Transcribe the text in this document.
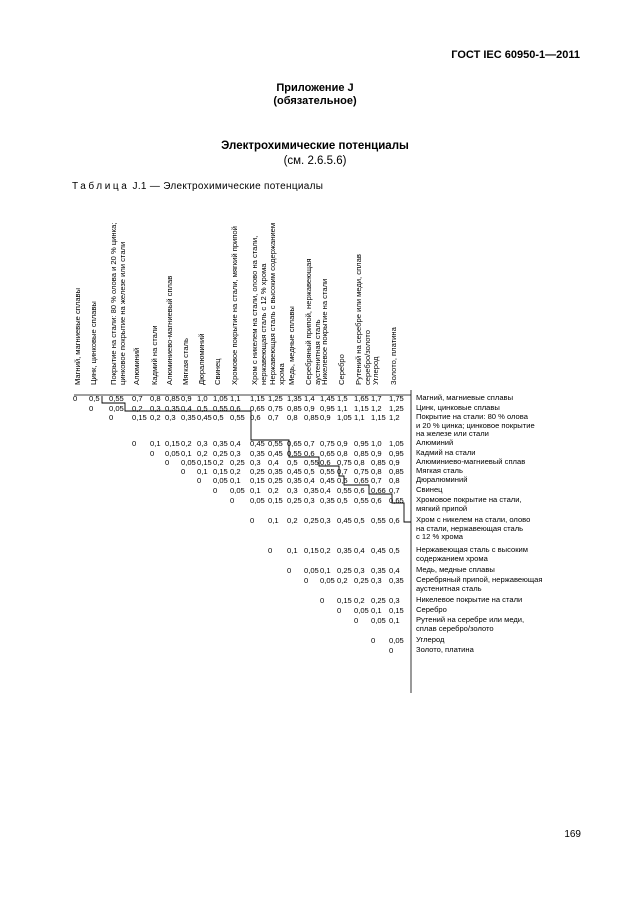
ГОСТ IEC 60950-1—2011
Приложение J
(обязательное)
Электрохимические потенциалы
(см. 2.6.5.6)
Таблица J.1 — Электрохимические потенциалы
Магний, магниевые сплавы Цинк, цинковые сплавы Покрытие на стали: 80 % олова и 20 % цинка; цинковое покрытие на железе или стали Алюминий Кадмий на стали Алюминиево-магниевый сплав Мягкая сталь Дюралюминий Свинец Хромовое покрытие на стали, мягкий припой Хром с никелем на стали, олово на стали, нержавеющая сталь с 12 % хрома Нержавеющая сталь с высоким содержанием хрома Медь, медные сплавы Серебряный припой, нержавеющая аустенитная сталь
Никелевое покрытие на стали Серебро Рутений на серебре или меди, сплав серебро/золото Углерод Золото, платина
0 0,5 0,55 0,7 0,8 0,85 0,9 1,0 1,05 1,1 1,15 1,25 1,35 1,4 1,45 1,5 1,65 1,7 1,75 Магний, магниевые сплавы
0 0,05 0,2 0,3 0,35 0,4 0,5 0,55 0,6 0,65 0,75 0,85 0,9 0,95 1,1 1,15 1,2 1,25 Цинк, цинковые сплавы
0 0,15 0,2 0,3 0,35 0,45 0,5 0,55 0,6 0,7 0,8 0,85 0,9 1,05 1,1 1,15 1,2 Покрытие на стали: 80 % олова
и 20 % цинка; цинковое покрытие
на железе или стали
0 0,1 0,15 0,2 0,3 0,35 0,4 0,45 0,55 0,65 0,7 0,75 0,9 0,95 1,0 1,05 Алюминий
0 0,05 0,1 0,2 0,25 0,3 0,35 0,45 0,55 0,6 0,65 0,8 0,85 0,9 0,95 Кадмий на стали
0 0,05 0,15 0,2 0,25 0,3 0,4 0,5 0,55 0,6 0,75 0,8 0,85 0,9 Алюминиево-магниевый сплав
0 0,1 0,15 0,2 0,25 0,35 0,45 0,5 0,55 0,7 0,75 0,8 0,85 Мягкая сталь
0 0,05 0,1 0,15 0,25 0,35 0,4 0,45 0,6 0,65 0,7 0,8 Дюралюминий
0 0,05 0,1 0,2 0,3 0,35 0,4 0,55 0,6 0,66 0,7 Свинец
0 0,05 0,15 0,25 0,3 0,35 0,5 0,55 0,6 0,65 Хромовое покрытие на стали,
мягкий припой
0 0,1 0,2 0,25 0,3 0,45 0,5 0,55 0,6 Хром с никелем на стали, олово
на стали, нержавеющая сталь
с 12 % хрома
0 0,1 0,15 0,2 0,35 0,4 0,45 0,5 Нержавеющая сталь с высоким
содержанием хрома
0 0,05 0,1 0,25 0,3 0,35 0,4 Медь, медные сплавы
0 0,05 0,2 0,25 0,3 0,35 Серебряный припой, нержавеющая
аустенитная сталь
0 0,15 0,2 0,25 0,3 Никелевое покрытие на стали
0 0,05 0,1 0,15 Серебро
0 0,05 0,1 Рутений на серебре или меди,
сплав серебро/золото
0 0,05 Углерод
0	Золото, платина
169
